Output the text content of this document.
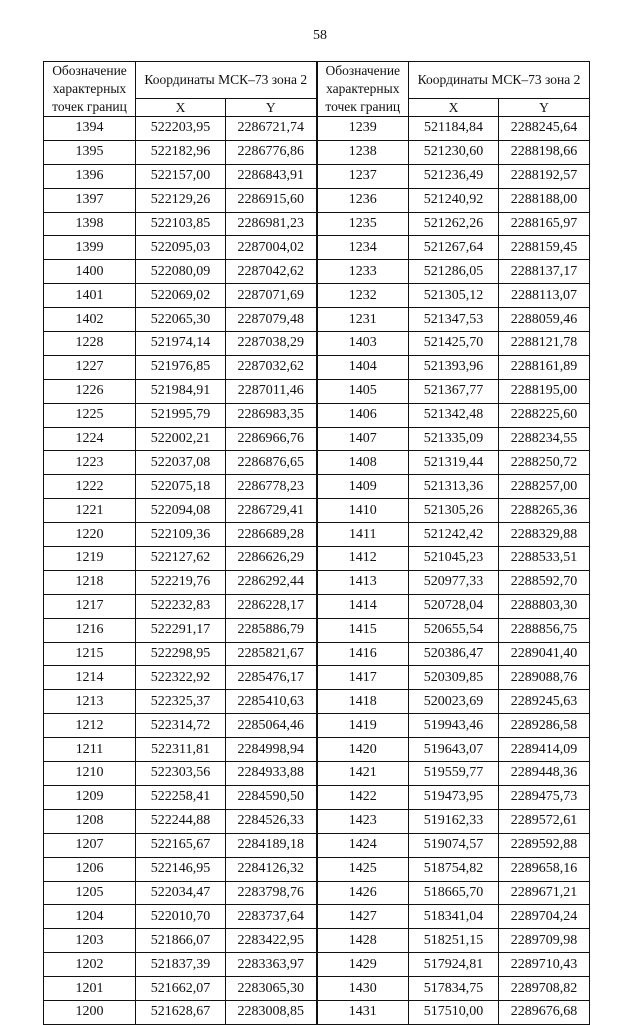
58
Обозначение характерных точек границ	Координаты МСК–73 зона 2		Обозначение характерных точек границ	Координаты МСК–73 зона 2	

	X	Y		X	Y
1394	522203,95	2286721,74	1239	521184,84	2288245,64
1395	522182,96	2286776,86	1238	521230,60	2288198,66
1396	522157,00	2286843,91	1237	521236,49	2288192,57
1397	522129,26	2286915,60	1236	521240,92	2288188,00
1398	522103,85	2286981,23	1235	521262,26	2288165,97
1399	522095,03	2287004,02	1234	521267,64	2288159,45
1400	522080,09	2287042,62	1233	521286,05	2288137,17
1401	522069,02	2287071,69	1232	521305,12	2288113,07
1402	522065,30	2287079,48	1231	521347,53	2288059,46
1228	521974,14	2287038,29	1403	521425,70	2288121,78
1227	521976,85	2287032,62	1404	521393,96	2288161,89
1226	521984,91	2287011,46	1405	521367,77	2288195,00
1225	521995,79	2286983,35	1406	521342,48	2288225,60
1224	522002,21	2286966,76	1407	521335,09	2288234,55
1223	522037,08	2286876,65	1408	521319,44	2288250,72
1222	522075,18	2286778,23	1409	521313,36	2288257,00
1221	522094,08	2286729,41	1410	521305,26	2288265,36
1220	522109,36	2286689,28	1411	521242,42	2288329,88
1219	522127,62	2286626,29	1412	521045,23	2288533,51
1218	522219,76	2286292,44	1413	520977,33	2288592,70
1217	522232,83	2286228,17	1414	520728,04	2288803,30
1216	522291,17	2285886,79	1415	520655,54	2288856,75
1215	522298,95	2285821,67	1416	520386,47	2289041,40
1214	522322,92	2285476,17	1417	520309,85	2289088,76
1213	522325,37	2285410,63	1418	520023,69	2289245,63
1212	522314,72	2285064,46	1419	519943,46	2289286,58
1211	522311,81	2284998,94	1420	519643,07	2289414,09
1210	522303,56	2284933,88	1421	519559,77	2289448,36
1209	522258,41	2284590,50	1422	519473,95	2289475,73
1208	522244,88	2284526,33	1423	519162,33	2289572,61
1207	522165,67	2284189,18	1424	519074,57	2289592,88
1206	522146,95	2284126,32	1425	518754,82	2289658,16
1205	522034,47	2283798,76	1426	518665,70	2289671,21
1204	522010,70	2283737,64	1427	518341,04	2289704,24
1203	521866,07	2283422,95	1428	518251,15	2289709,98
1202	521837,39	2283363,97	1429	517924,81	2289710,43
1201	521662,07	2283065,30	1430	517834,75	2289708,82
1200	521628,67	2283008,85	1431	517510,00	2289676,68
